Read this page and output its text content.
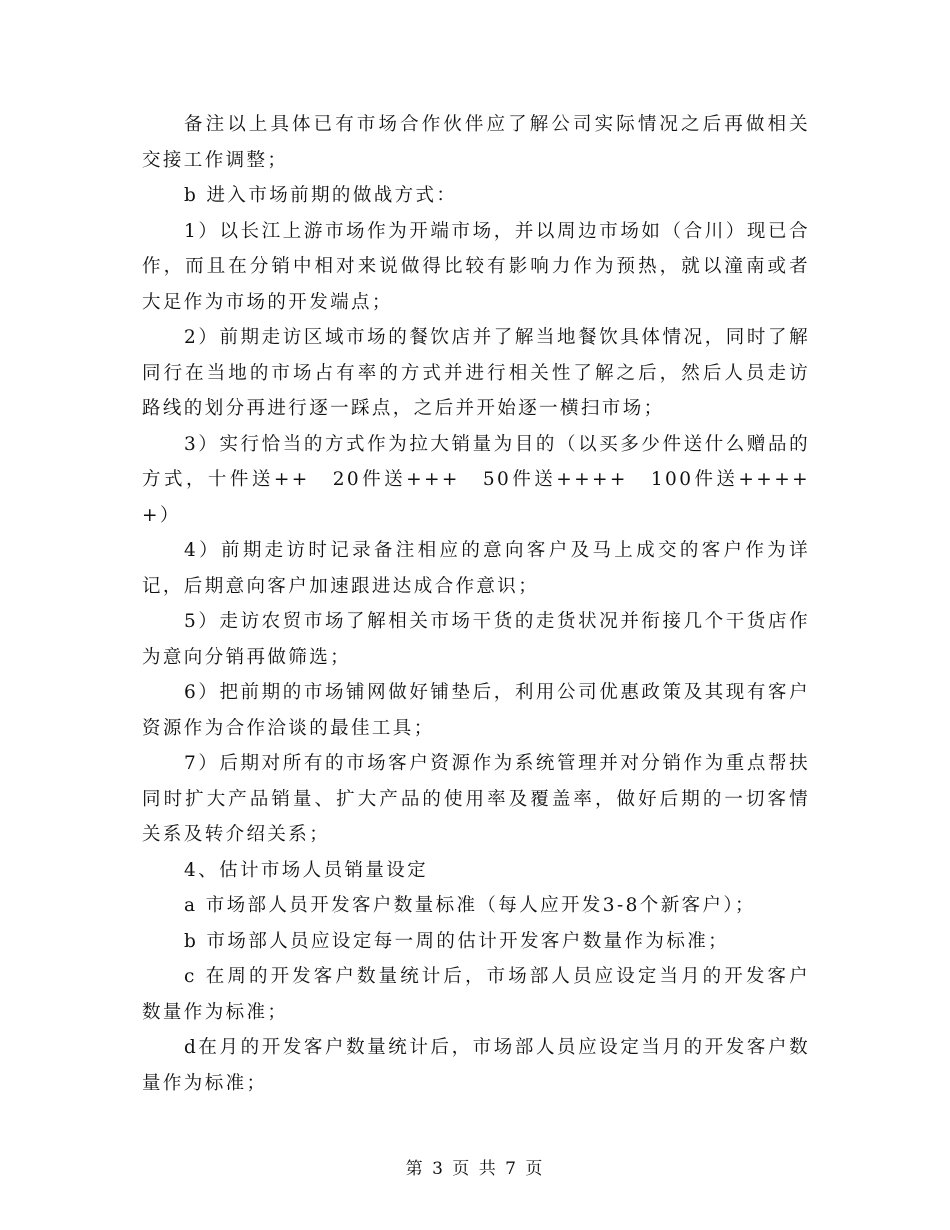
备注以上具体已有市场合作伙伴应了解公司实际情况之后再做相关交接工作调整；

b 进入市场前期的做战方式：

1）以长江上游市场作为开端市场，并以周边市场如（合川）现已合作，而且在分销中相对来说做得比较有影响力作为预热，就以潼南或者大足作为市场的开发端点；

2）前期走访区域市场的餐饮店并了解当地餐饮具体情况，同时了解同行在当地的市场占有率的方式并进行相关性了解之后，然后人员走访路线的划分再进行逐一踩点，之后并开始逐一横扫市场；

3）实行恰当的方式作为拉大销量为目的（以买多少件送什么赠品的方式，十件送++　20件送+++　50件送++++　100件送+++++）

4）前期走访时记录备注相应的意向客户及马上成交的客户作为详记，后期意向客户加速跟进达成合作意识；

5）走访农贸市场了解相关市场干货的走货状况并衔接几个干货店作为意向分销再做筛选；

6）把前期的市场铺网做好铺垫后，利用公司优惠政策及其现有客户资源作为合作洽谈的最佳工具；

7）后期对所有的市场客户资源作为系统管理并对分销作为重点帮扶同时扩大产品销量、扩大产品的使用率及覆盖率，做好后期的一切客情关系及转介绍关系；

4、估计市场人员销量设定

a 市场部人员开发客户数量标准（每人应开发3-8个新客户）；

b 市场部人员应设定每一周的估计开发客户数量作为标准；

c 在周的开发客户数量统计后，市场部人员应设定当月的开发客户数量作为标准；

d在月的开发客户数量统计后，市场部人员应设定当月的开发客户数量作为标准；

第 3 页 共 7 页
